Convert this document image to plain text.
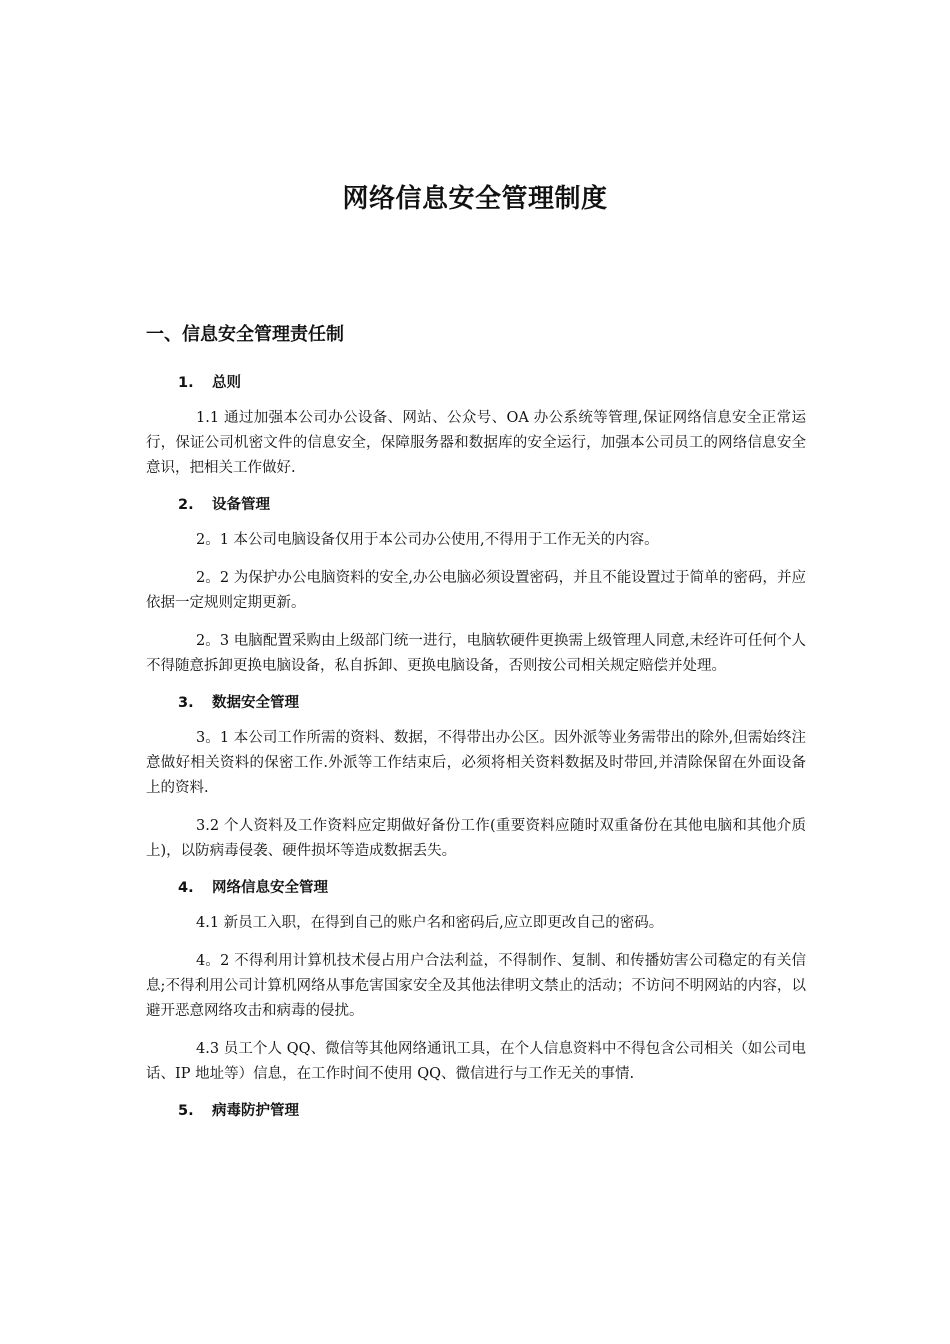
网络信息安全管理制度
一、信息安全管理责任制
1. 总则

1.1 通过加强本公司办公设备、网站、公众号、OA 办公系统等管理,保证网络信息安全正常运行，保证公司机密文件的信息安全，保障服务器和数据库的安全运行，加强本公司员工的网络信息安全意识，把相关工作做好.

2. 设备管理

2。1 本公司电脑设备仅用于本公司办公使用,不得用于工作无关的内容。

2。2 为保护办公电脑资料的安全,办公电脑必须设置密码，并且不能设置过于简单的密码，并应依据一定规则定期更新。

2。3 电脑配置采购由上级部门统一进行，电脑软硬件更换需上级管理人同意,未经许可任何个人不得随意拆卸更换电脑设备，私自拆卸、更换电脑设备，否则按公司相关规定赔偿并处理。

3. 数据安全管理

3。1 本公司工作所需的资料、数据，不得带出办公区。因外派等业务需带出的除外,但需始终注意做好相关资料的保密工作.外派等工作结束后，必须将相关资料数据及时带回,并清除保留在外面设备上的资料.

3.2 个人资料及工作资料应定期做好备份工作(重要资料应随时双重备份在其他电脑和其他介质上)，以防病毒侵袭、硬件损坏等造成数据丢失。

4. 网络信息安全管理

4.1 新员工入职，在得到自己的账户名和密码后,应立即更改自己的密码。

4。2 不得利用计算机技术侵占用户合法利益，不得制作、复制、和传播妨害公司稳定的有关信息;不得利用公司计算机网络从事危害国家安全及其他法律明文禁止的活动；不访问不明网站的内容，以避开恶意网络攻击和病毒的侵扰。

4.3 员工个人 QQ、微信等其他网络通讯工具，在个人信息资料中不得包含公司相关（如公司电话、IP 地址等）信息，在工作时间不使用 QQ、微信进行与工作无关的事情.

5. 病毒防护管理
